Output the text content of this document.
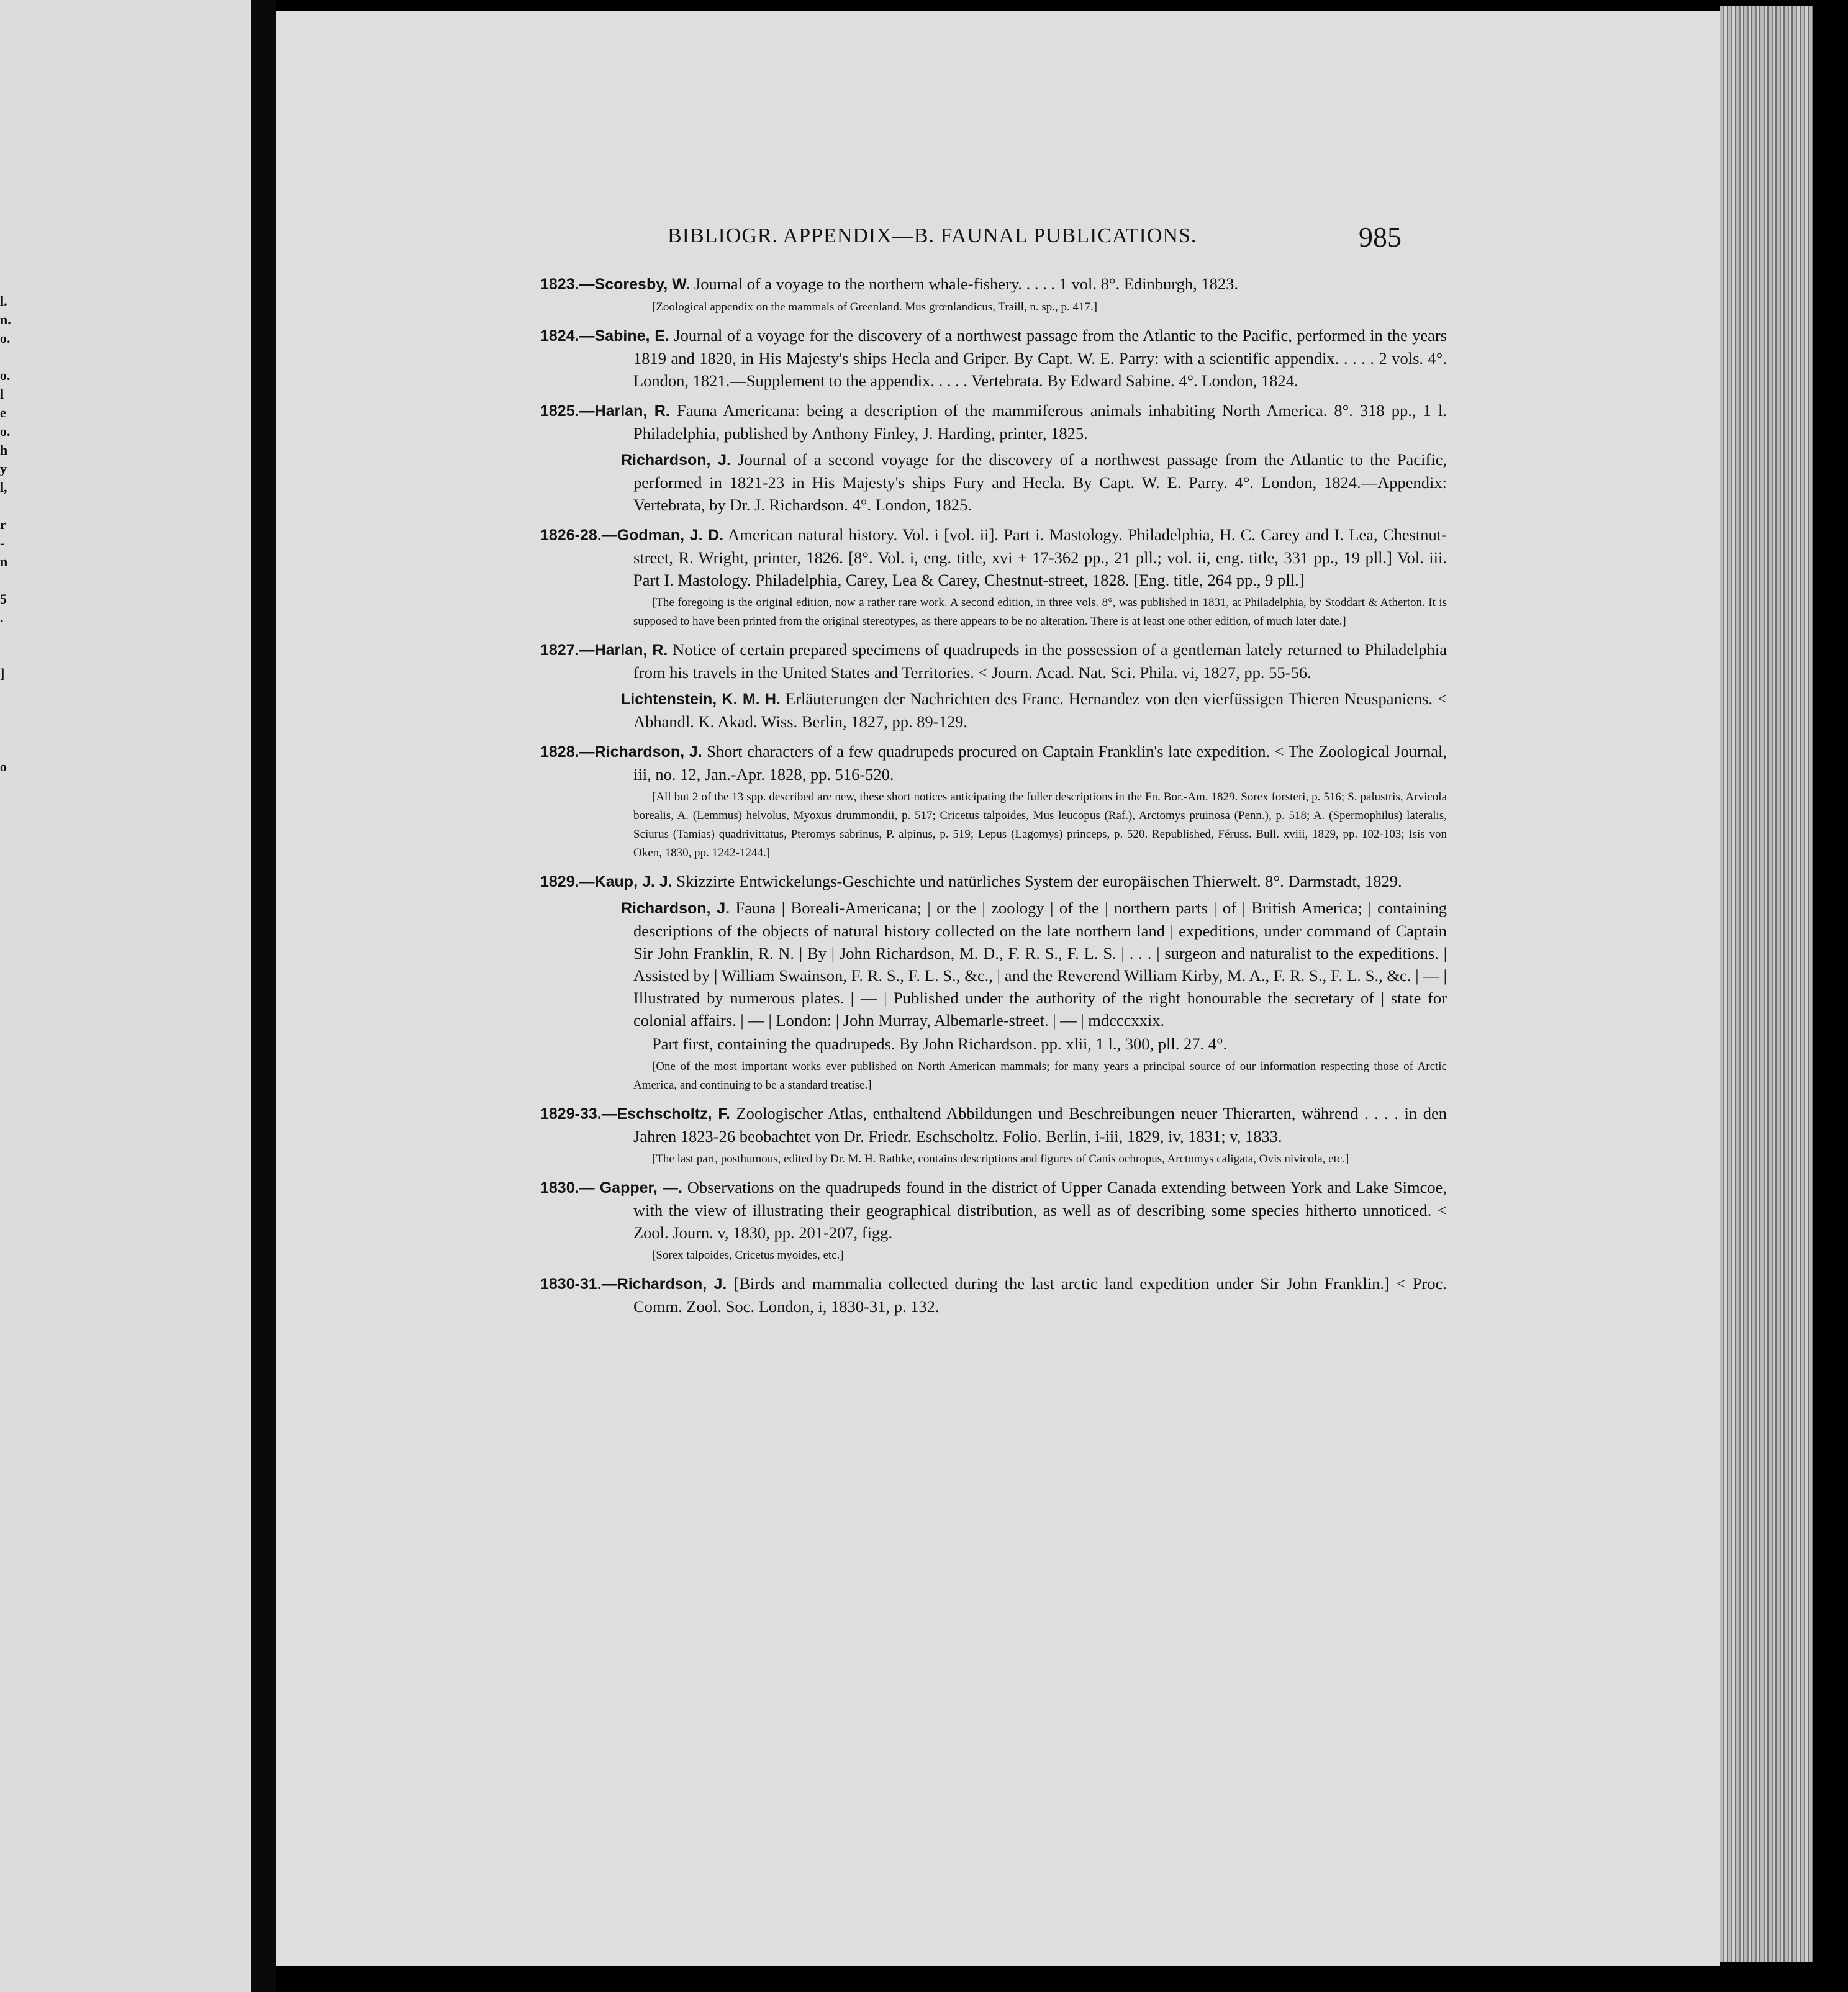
l.
n.
o.
o.
l
e
o.
h
y
l,
r
-
n
5
.
]
o
BIBLIOGR. APPENDIX—B. FAUNAL PUBLICATIONS.	985

1823.—Scoresby, W. Journal of a voyage to the northern whale-fishery. . . . . 1 vol. 8°. Edinburgh, 1823.

[Zoological appendix on the mammals of Greenland. Mus grœnlandicus, Traill, n. sp., p. 417.]

1824.—Sabine, E. Journal of a voyage for the discovery of a northwest passage from the Atlantic to the Pacific, performed in the years 1819 and 1820, in His Majesty's ships Hecla and Griper. By Capt. W. E. Parry: with a scientific appendix. . . . . 2 vols. 4°. London, 1821.—Supplement to the appendix. . . . . Vertebrata. By Edward Sabine. 4°. London, 1824.

1825.—Harlan, R. Fauna Americana: being a description of the mammiferous animals inhabiting North America. 8°. 318 pp., 1 l. Philadelphia, published by Anthony Finley, J. Harding, printer, 1825.

Richardson, J. Journal of a second voyage for the discovery of a northwest passage from the Atlantic to the Pacific, performed in 1821-23 in His Majesty's ships Fury and Hecla. By Capt. W. E. Parry. 4°. London, 1824.—Appendix: Vertebrata, by Dr. J. Richardson. 4°. London, 1825.

1826-28.—Godman, J. D. American natural history. Vol. i [vol. ii]. Part i. Mastology. Philadelphia, H. C. Carey and I. Lea, Chestnut-street, R. Wright, printer, 1826. [8°. Vol. i, eng. title, xvi + 17-362 pp., 21 pll.; vol. ii, eng. title, 331 pp., 19 pll.] Vol. iii. Part I. Mastology. Philadelphia, Carey, Lea & Carey, Chestnut-street, 1828. [Eng. title, 264 pp., 9 pll.]

[The foregoing is the original edition, now a rather rare work. A second edition, in three vols. 8°, was published in 1831, at Philadelphia, by Stoddart & Atherton. It is supposed to have been printed from the original stereotypes, as there appears to be no alteration. There is at least one other edition, of much later date.]

1827.—Harlan, R. Notice of certain prepared specimens of quadrupeds in the possession of a gentleman lately returned to Philadelphia from his travels in the United States and Territories. < Journ. Acad. Nat. Sci. Phila. vi, 1827, pp. 55-56.

Lichtenstein, K. M. H. Erläuterungen der Nachrichten des Franc. Hernandez von den vierfüssigen Thieren Neuspaniens. < Abhandl. K. Akad. Wiss. Berlin, 1827, pp. 89-129.

1828.—Richardson, J. Short characters of a few quadrupeds procured on Captain Franklin's late expedition. < The Zoological Journal, iii, no. 12, Jan.-Apr. 1828, pp. 516-520.

[All but 2 of the 13 spp. described are new, these short notices anticipating the fuller descriptions in the Fn. Bor.-Am. 1829. Sorex forsteri, p. 516; S. palustris, Arvicola borealis, A. (Lemmus) helvolus, Myoxus drummondii, p. 517; Cricetus talpoides, Mus leucopus (Raf.), Arctomys pruinosa (Penn.), p. 518; A. (Spermophilus) lateralis, Sciurus (Tamias) quadrivittatus, Pteromys sabrinus, P. alpinus, p. 519; Lepus (Lagomys) princeps, p. 520. Republished, Féruss. Bull. xviii, 1829, pp. 102-103; Isis von Oken, 1830, pp. 1242-1244.]

1829.—Kaup, J. J. Skizzirte Entwickelungs-Geschichte und natürliches System der europäischen Thierwelt. 8°. Darmstadt, 1829.

Richardson, J. Fauna | Boreali-Americana; | or the | zoology | of the | northern parts | of | British America; | containing descriptions of the objects of natural history collected on the late northern land | expeditions, under command of Captain Sir John Franklin, R. N. | By | John Richardson, M. D., F. R. S., F. L. S. | . . . | surgeon and naturalist to the expeditions. | Assisted by | William Swainson, F. R. S., F. L. S., &c., | and the Reverend William Kirby, M. A., F. R. S., F. L. S., &c. | — | Illustrated by numerous plates. | — | Published under the authority of the right honourable the secretary of | state for colonial affairs. | — | London: | John Murray, Albemarle-street. | — | mdcccxxix.

Part first, containing the quadrupeds. By John Richardson. pp. xlii, 1 l., 300, pll. 27. 4°.

[One of the most important works ever published on North American mammals; for many years a principal source of our information respecting those of Arctic America, and continuing to be a standard treatise.]

1829-33.—Eschscholtz, F. Zoologischer Atlas, enthaltend Abbildungen und Beschreibungen neuer Thierarten, während . . . . in den Jahren 1823-26 beobachtet von Dr. Friedr. Eschscholtz. Folio. Berlin, i-iii, 1829, iv, 1831; v, 1833.

[The last part, posthumous, edited by Dr. M. H. Rathke, contains descriptions and figures of Canis ochropus, Arctomys caligata, Ovis nivicola, etc.]

1830.— Gapper, —. Observations on the quadrupeds found in the district of Upper Canada extending between York and Lake Simcoe, with the view of illustrating their geographical distribution, as well as of describing some species hitherto unnoticed. < Zool. Journ. v, 1830, pp. 201-207, figg.

[Sorex talpoides, Cricetus myoides, etc.]

1830-31.—Richardson, J. [Birds and mammalia collected during the last arctic land expedition under Sir John Franklin.] < Proc. Comm. Zool. Soc. London, i, 1830-31, p. 132.
